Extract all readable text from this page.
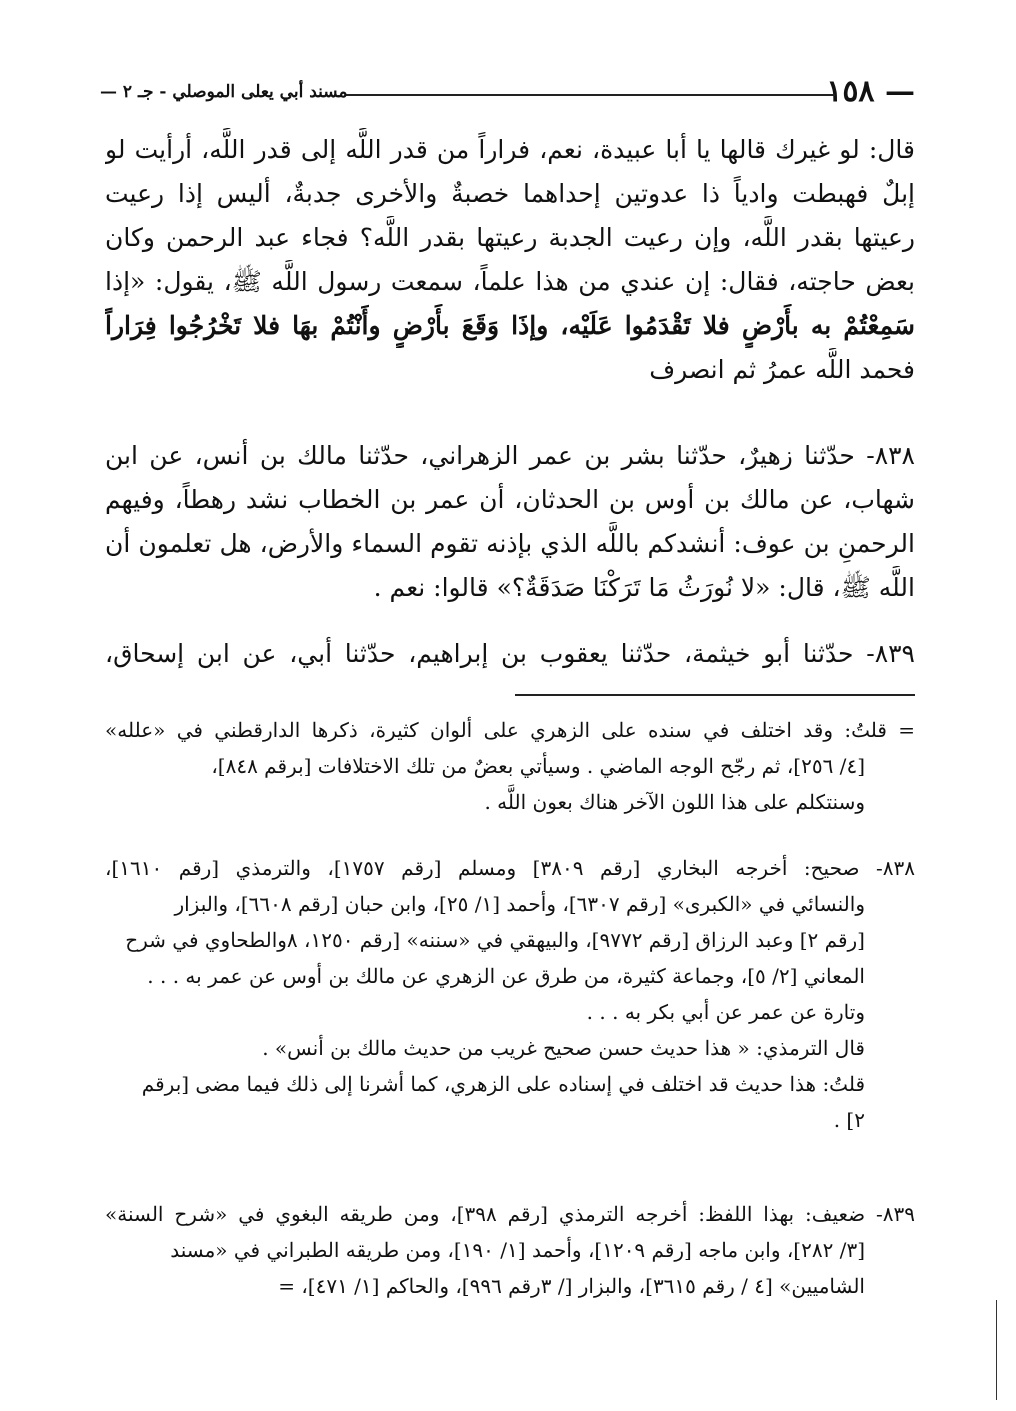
— ١٥٨
مسند أبي يعلى الموصلي - جـ ٢ —
قال: لو غيرك قالها يا أبا عبيدة، نعم، فراراً من قدر اللَّه إلى قدر اللَّه، أرأيت لو
إبلٌ فهبطت وادياً ذا عدوتين إحداهما خصبةٌ والأخرى جدبةٌ، أليس إذا رعيت
رعيتها بقدر اللَّه، وإن رعيت الجدبة رعيتها بقدر اللَّه؟ فجاء عبد الرحمن وكان
بعض حاجته، فقال: إن عندي من هذا علماً، سمعت رسول اللَّه ﷺ، يقول: «إذا
سَمِعْتُمْ به بأَرْضٍ فلا تَقْدَمُوا عَلَيْه، وإذَا وَقَعَ بأَرْضٍ وأَنْتُمْ بهَا فلا تَخْرُجُوا فِرَاراً
فحمد اللَّه عمرُ ثم انصرف
٨٣٨- حدّثنا زهيرٌ، حدّثنا بشر بن عمر الزهراني، حدّثنا مالك بن أنس، عن ابن
شهاب، عن مالك بن أوس بن الحدثان، أن عمر بن الخطاب نشد رهطاً، وفيهم
الرحمنِ بن عوف: أنشدكم باللَّه الذي بإذنه تقوم السماء والأرض، هل تعلمون أن
اللَّه ﷺ، قال: «لا نُورَثُ مَا تَرَكْنَا صَدَقَةٌ؟» قالوا: نعم .
٨٣٩- حدّثنا أبو خيثمة، حدّثنا يعقوب بن إبراهيم، حدّثنا أبي، عن ابن إسحاق،
= قلتُ: وقد اختلف في سنده على الزهري على ألوان كثيرة، ذكرها الدارقطني في «علله»
[٤/ ٢٥٦]، ثم رجّح الوجه الماضي . وسيأتي بعضٌ من تلك الاختلافات [برقم ٨٤٨]،
وسنتكلم على هذا اللون الآخر هناك بعون اللَّه .
٨٣٨- صحيح: أخرجه البخاري [رقم ٣٨٠٩] ومسلم [رقم ١٧٥٧]، والترمذي [رقم ١٦١٠]،
والنسائي في «الكبرى» [رقم ٦٣٠٧]، وأحمد [١/ ٢٥]، وابن حبان [رقم ٦٦٠٨]، والبزار
[رقم ٢] وعبد الرزاق [رقم ٩٧٧٢]، والبيهقي في «سننه» [رقم ١٢٥٠، ٨والطحاوي في شرح
المعاني [٢/ ٥]، وجماعة كثيرة، من طرق عن الزهري عن مالك بن أوس عن عمر به . . .
وتارة عن عمر عن أبي بكر به . . .
قال الترمذي: « هذا حديث حسن صحيح غريب من حديث مالك بن أنس» .
قلتُ: هذا حديث قد اختلف في إسناده على الزهري، كما أشرنا إلى ذلك فيما مضى [برقم
٢] .
٨٣٩- ضعيف: بهذا اللفظ: أخرجه الترمذي [رقم ٣٩٨]، ومن طريقه البغوي في «شرح السنة»
[٣/ ٢٨٢]، وابن ماجه [رقم ١٢٠٩]، وأحمد [١/ ١٩٠]، ومن طريقه الطبراني في «مسند
الشاميين» [٤ / رقم ٣٦١٥]، والبزار [/ ٣رقم ٩٩٦]، والحاكم [١/ ٤٧١]، =
